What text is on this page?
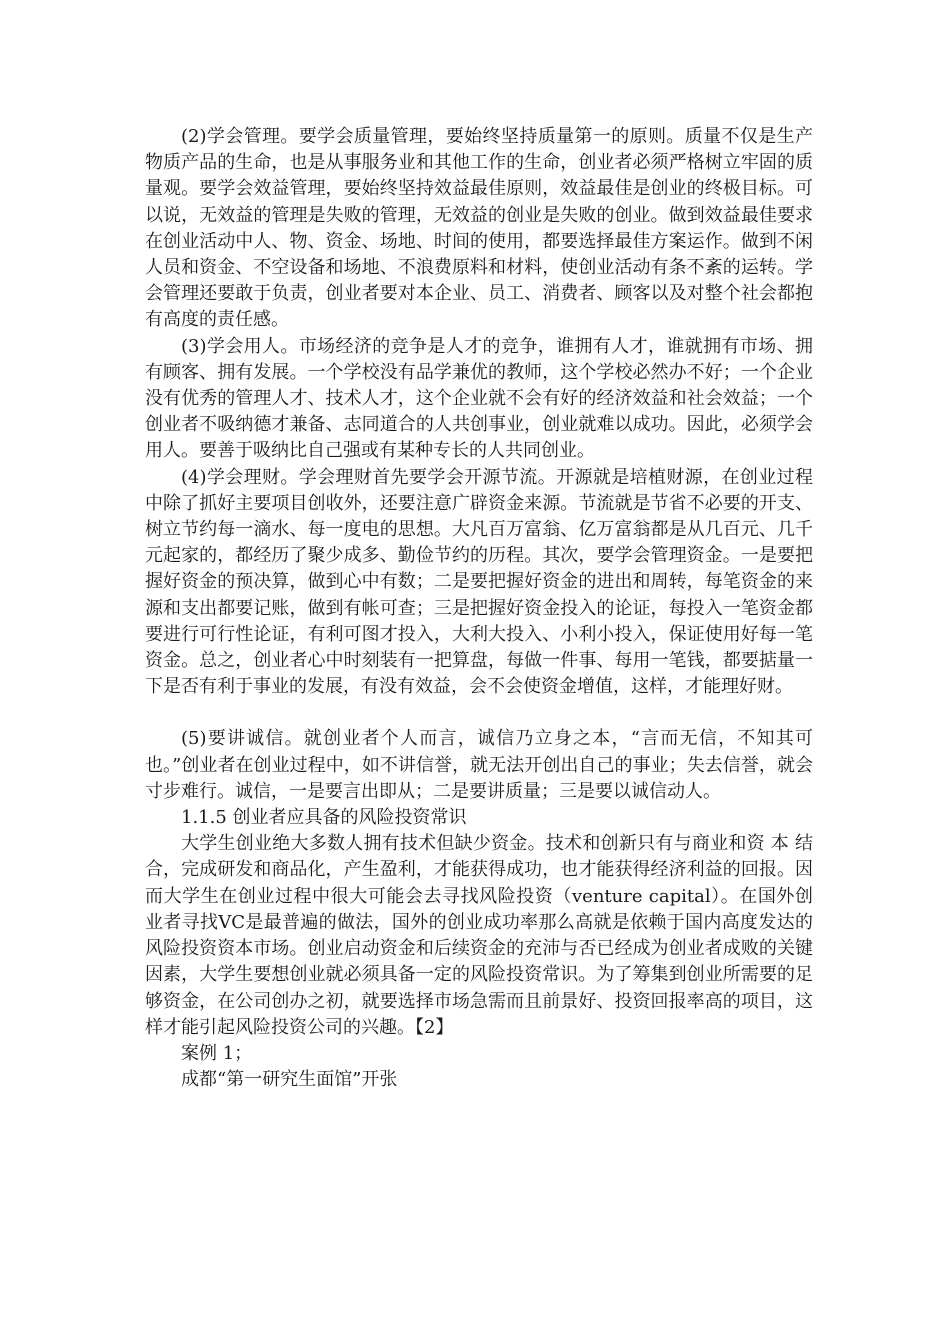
(2)学会管理。要学会质量管理，要始终坚持质量第一的原则。质量不仅是生产物质产品的生命，也是从事服务业和其他工作的生命，创业者必须严格树立牢固的质量观。要学会效益管理，要始终坚持效益最佳原则，效益最佳是创业的终极目标。可以说，无效益的管理是失败的管理，无效益的创业是失败的创业。做到效益最佳要求在创业活动中人、物、资金、场地、时间的使用，都要选择最佳方案运作。做到不闲人员和资金、不空设备和场地、不浪费原料和材料，使创业活动有条不紊的运转。学会管理还要敢于负责，创业者要对本企业、员工、消费者、顾客以及对整个社会都抱有高度的责任感。

(3)学会用人。市场经济的竞争是人才的竞争，谁拥有人才，谁就拥有市场、拥有顾客、拥有发展。一个学校没有品学兼优的教师，这个学校必然办不好；一个企业没有优秀的管理人才、技术人才，这个企业就不会有好的经济效益和社会效益；一个创业者不吸纳德才兼备、志同道合的人共创事业，创业就难以成功。因此，必须学会用人。要善于吸纳比自己强或有某种专长的人共同创业。

(4)学会理财。学会理财首先要学会开源节流。开源就是培植财源，在创业过程中除了抓好主要项目创收外，还要注意广辟资金来源。节流就是节省不必要的开支、树立节约每一滴水、每一度电的思想。大凡百万富翁、亿万富翁都是从几百元、几千元起家的，都经历了聚少成多、勤俭节约的历程。其次，要学会管理资金。一是要把握好资金的预决算，做到心中有数；二是要把握好资金的进出和周转，每笔资金的来源和支出都要记账，做到有帐可查；三是把握好资金投入的论证，每投入一笔资金都要进行可行性论证，有利可图才投入，大利大投入、小利小投入，保证使用好每一笔资金。总之，创业者心中时刻装有一把算盘，每做一件事、每用一笔钱，都要掂量一下是否有利于事业的发展，有没有效益，会不会使资金增值，这样，才能理好财。

(5)要讲诚信。就创业者个人而言，诚信乃立身之本，“言而无信，不知其可也。”创业者在创业过程中，如不讲信誉，就无法开创出自己的事业；失去信誉，就会寸步难行。诚信，一是要言出即从；二是要讲质量；三是要以诚信动人。

1.1.5 创业者应具备的风险投资常识

大学生创业绝大多数人拥有技术但缺少资金。技术和创新只有与商业和资 本 结 合，完成研发和商品化，产生盈利，才能获得成功，也才能获得经济利益的回报。因而大学生在创业过程中很大可能会去寻找风险投资（venture capital）。在国外创业者寻找VC是最普遍的做法，国外的创业成功率那么高就是依赖于国内高度发达的风险投资资本市场。创业启动资金和后续资金的充沛与否已经成为创业者成败的关键因素，大学生要想创业就必须具备一定的风险投资常识。为了筹集到创业所需要的足够资金，在公司创办之初，就要选择市场急需而且前景好、投资回报率高的项目，这样才能引起风险投资公司的兴趣。【2】

案例 1；

成都“第一研究生面馆”开张
